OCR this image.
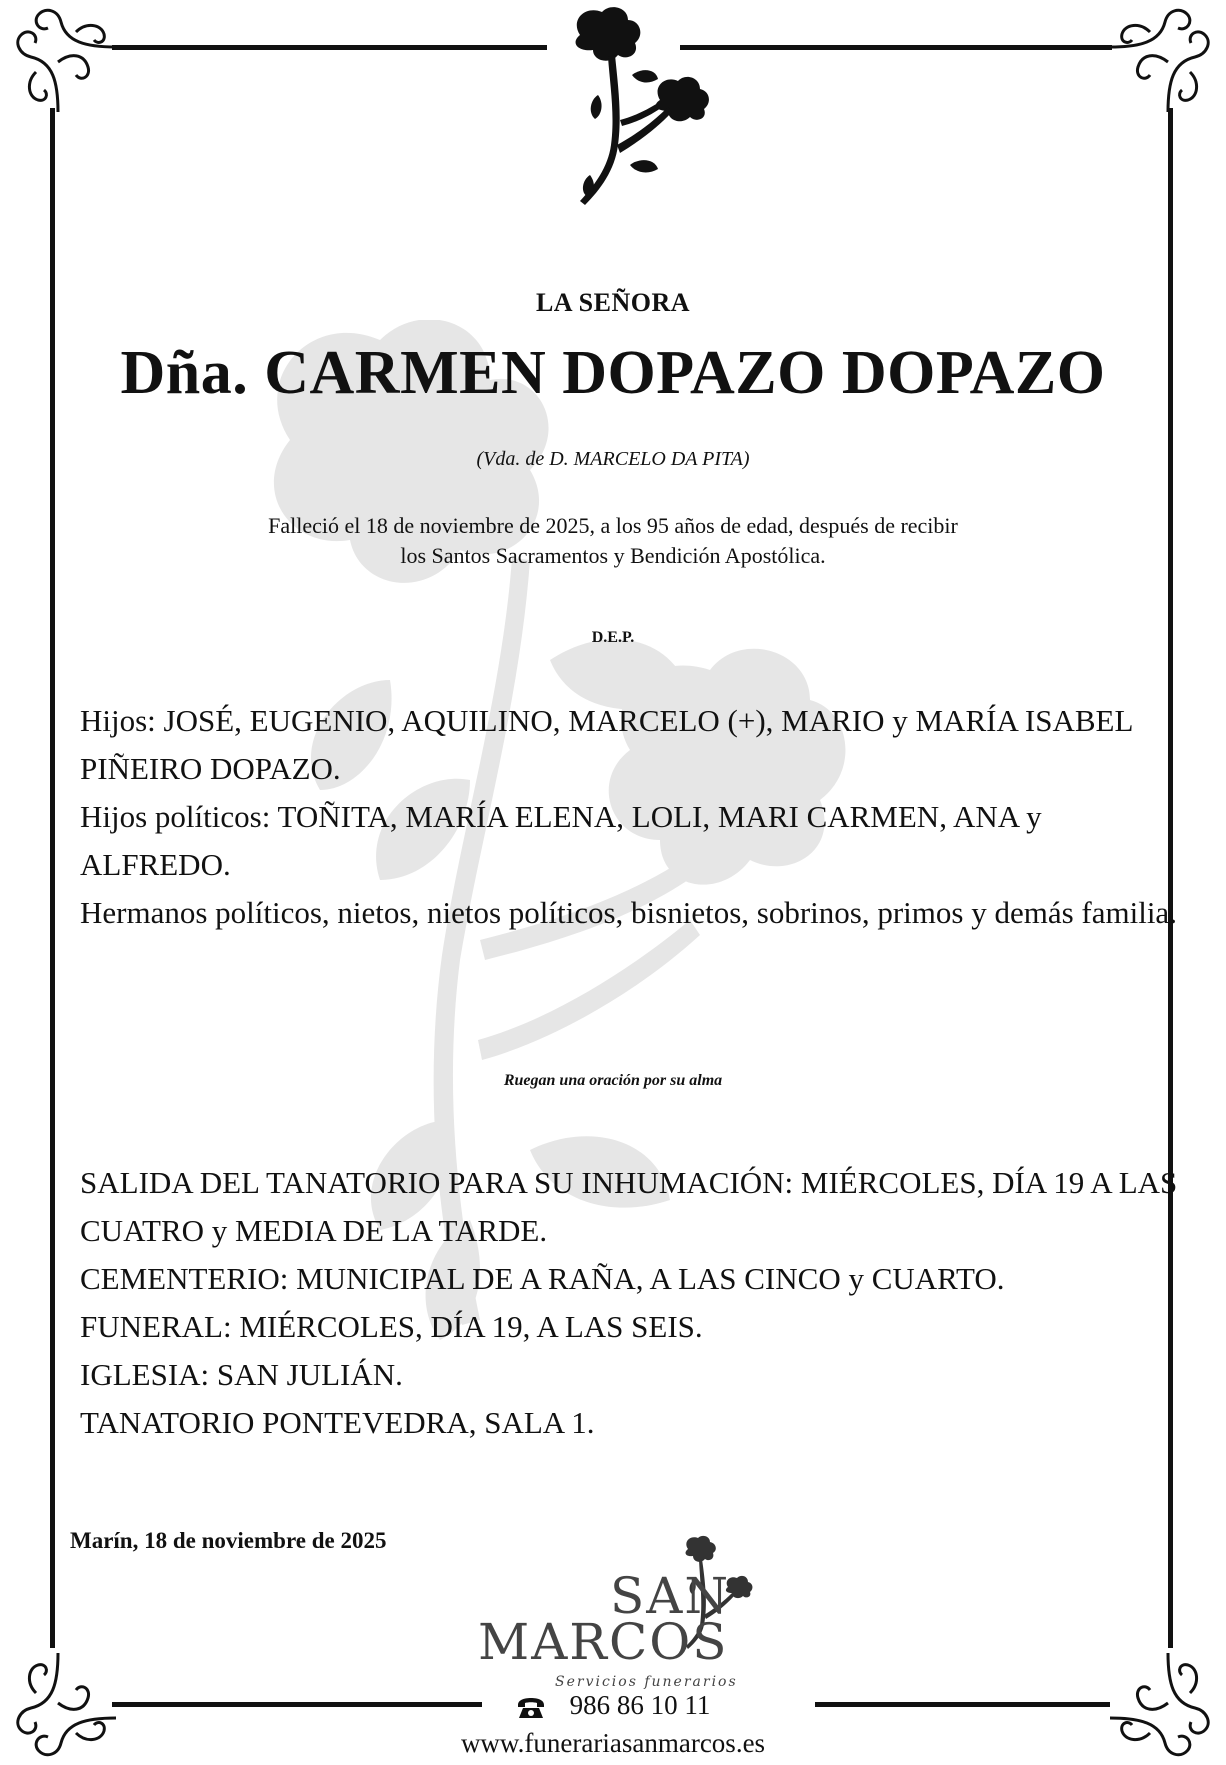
LA SEÑORA
Dña. CARMEN DOPAZO DOPAZO
(Vda. de D. MARCELO DA PITA)
Falleció el 18 de noviembre de 2025, a los 95 años de edad, después de recibir
los Santos Sacramentos y Bendición Apostólica.
D.E.P.

Hijos: JOSÉ, EUGENIO, AQUILINO, MARCELO (+), MARIO y MARÍA ISABEL PIÑEIRO DOPAZO.

Hijos políticos: TOÑITA, MARÍA ELENA, LOLI, MARI CARMEN, ANA y ALFREDO.

Hermanos políticos, nietos, nietos políticos, bisnietos, sobrinos, primos y demás familia.

Ruegan una oración por su alma

SALIDA DEL TANATORIO PARA SU INHUMACIÓN: MIÉRCOLES, DÍA 19 A LAS CUATRO y MEDIA DE LA TARDE.

CEMENTERIO: MUNICIPAL DE A RAÑA, A LAS CINCO y CUARTO.

FUNERAL: MIÉRCOLES, DÍA 19, A LAS SEIS.

IGLESIA: SAN JULIÁN.

TANATORIO PONTEVEDRA, SALA 1.

Marín, 18 de noviembre de 2025
SAN
MARCOS
Servicios funerarios
986 86 10 11
www.funerariasanmarcos.es
